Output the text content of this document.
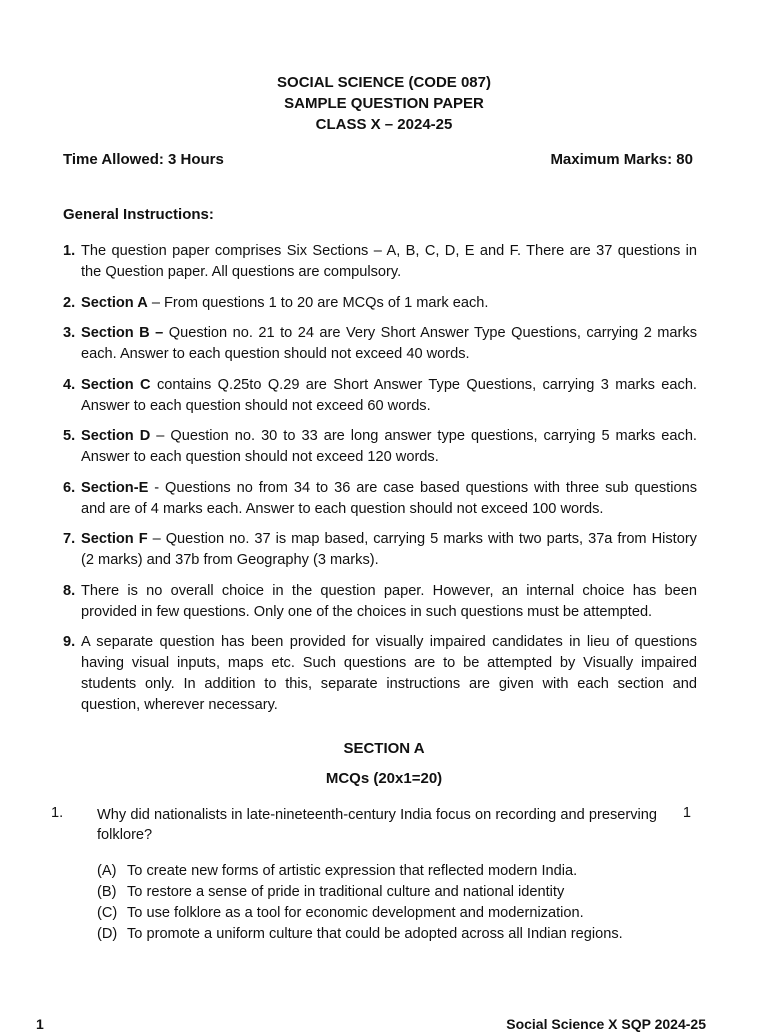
SOCIAL SCIENCE (CODE 087)
SAMPLE QUESTION PAPER
CLASS X – 2024-25
Time Allowed: 3 Hours	Maximum Marks: 80
General Instructions:
1. The question paper comprises Six Sections – A, B, C, D, E and F. There are 37 questions in the Question paper. All questions are compulsory.
2. Section A – From questions 1 to 20 are MCQs of 1 mark each.
3. Section B – Question no. 21 to 24 are Very Short Answer Type Questions, carrying 2 marks each. Answer to each question should not exceed 40 words.
4. Section C contains Q.25to Q.29 are Short Answer Type Questions, carrying 3 marks each. Answer to each question should not exceed 60 words.
5. Section D – Question no. 30 to 33 are long answer type questions, carrying 5 marks each. Answer to each question should not exceed 120 words.
6. Section-E - Questions no from 34 to 36 are case based questions with three sub questions and are of 4 marks each. Answer to each question should not exceed 100 words.
7. Section F – Question no. 37 is map based, carrying 5 marks with two parts, 37a from History (2 marks) and 37b from Geography (3 marks).
8. There is no overall choice in the question paper. However, an internal choice has been provided in few questions. Only one of the choices in such questions must be attempted.
9. A separate question has been provided for visually impaired candidates in lieu of questions having visual inputs, maps etc. Such questions are to be attempted by Visually impaired students only. In addition to this, separate instructions are given with each section and question, wherever necessary.
SECTION A
MCQs (20x1=20)
1. Why did nationalists in late-nineteenth-century India focus on recording and preserving folklore?
1
(A) To create new forms of artistic expression that reflected modern India.
(B) To restore a sense of pride in traditional culture and national identity
(C) To use folklore as a tool for economic development and modernization.
(D) To promote a uniform culture that could be adopted across all Indian regions.
1	Social Science X SQP 2024-25
